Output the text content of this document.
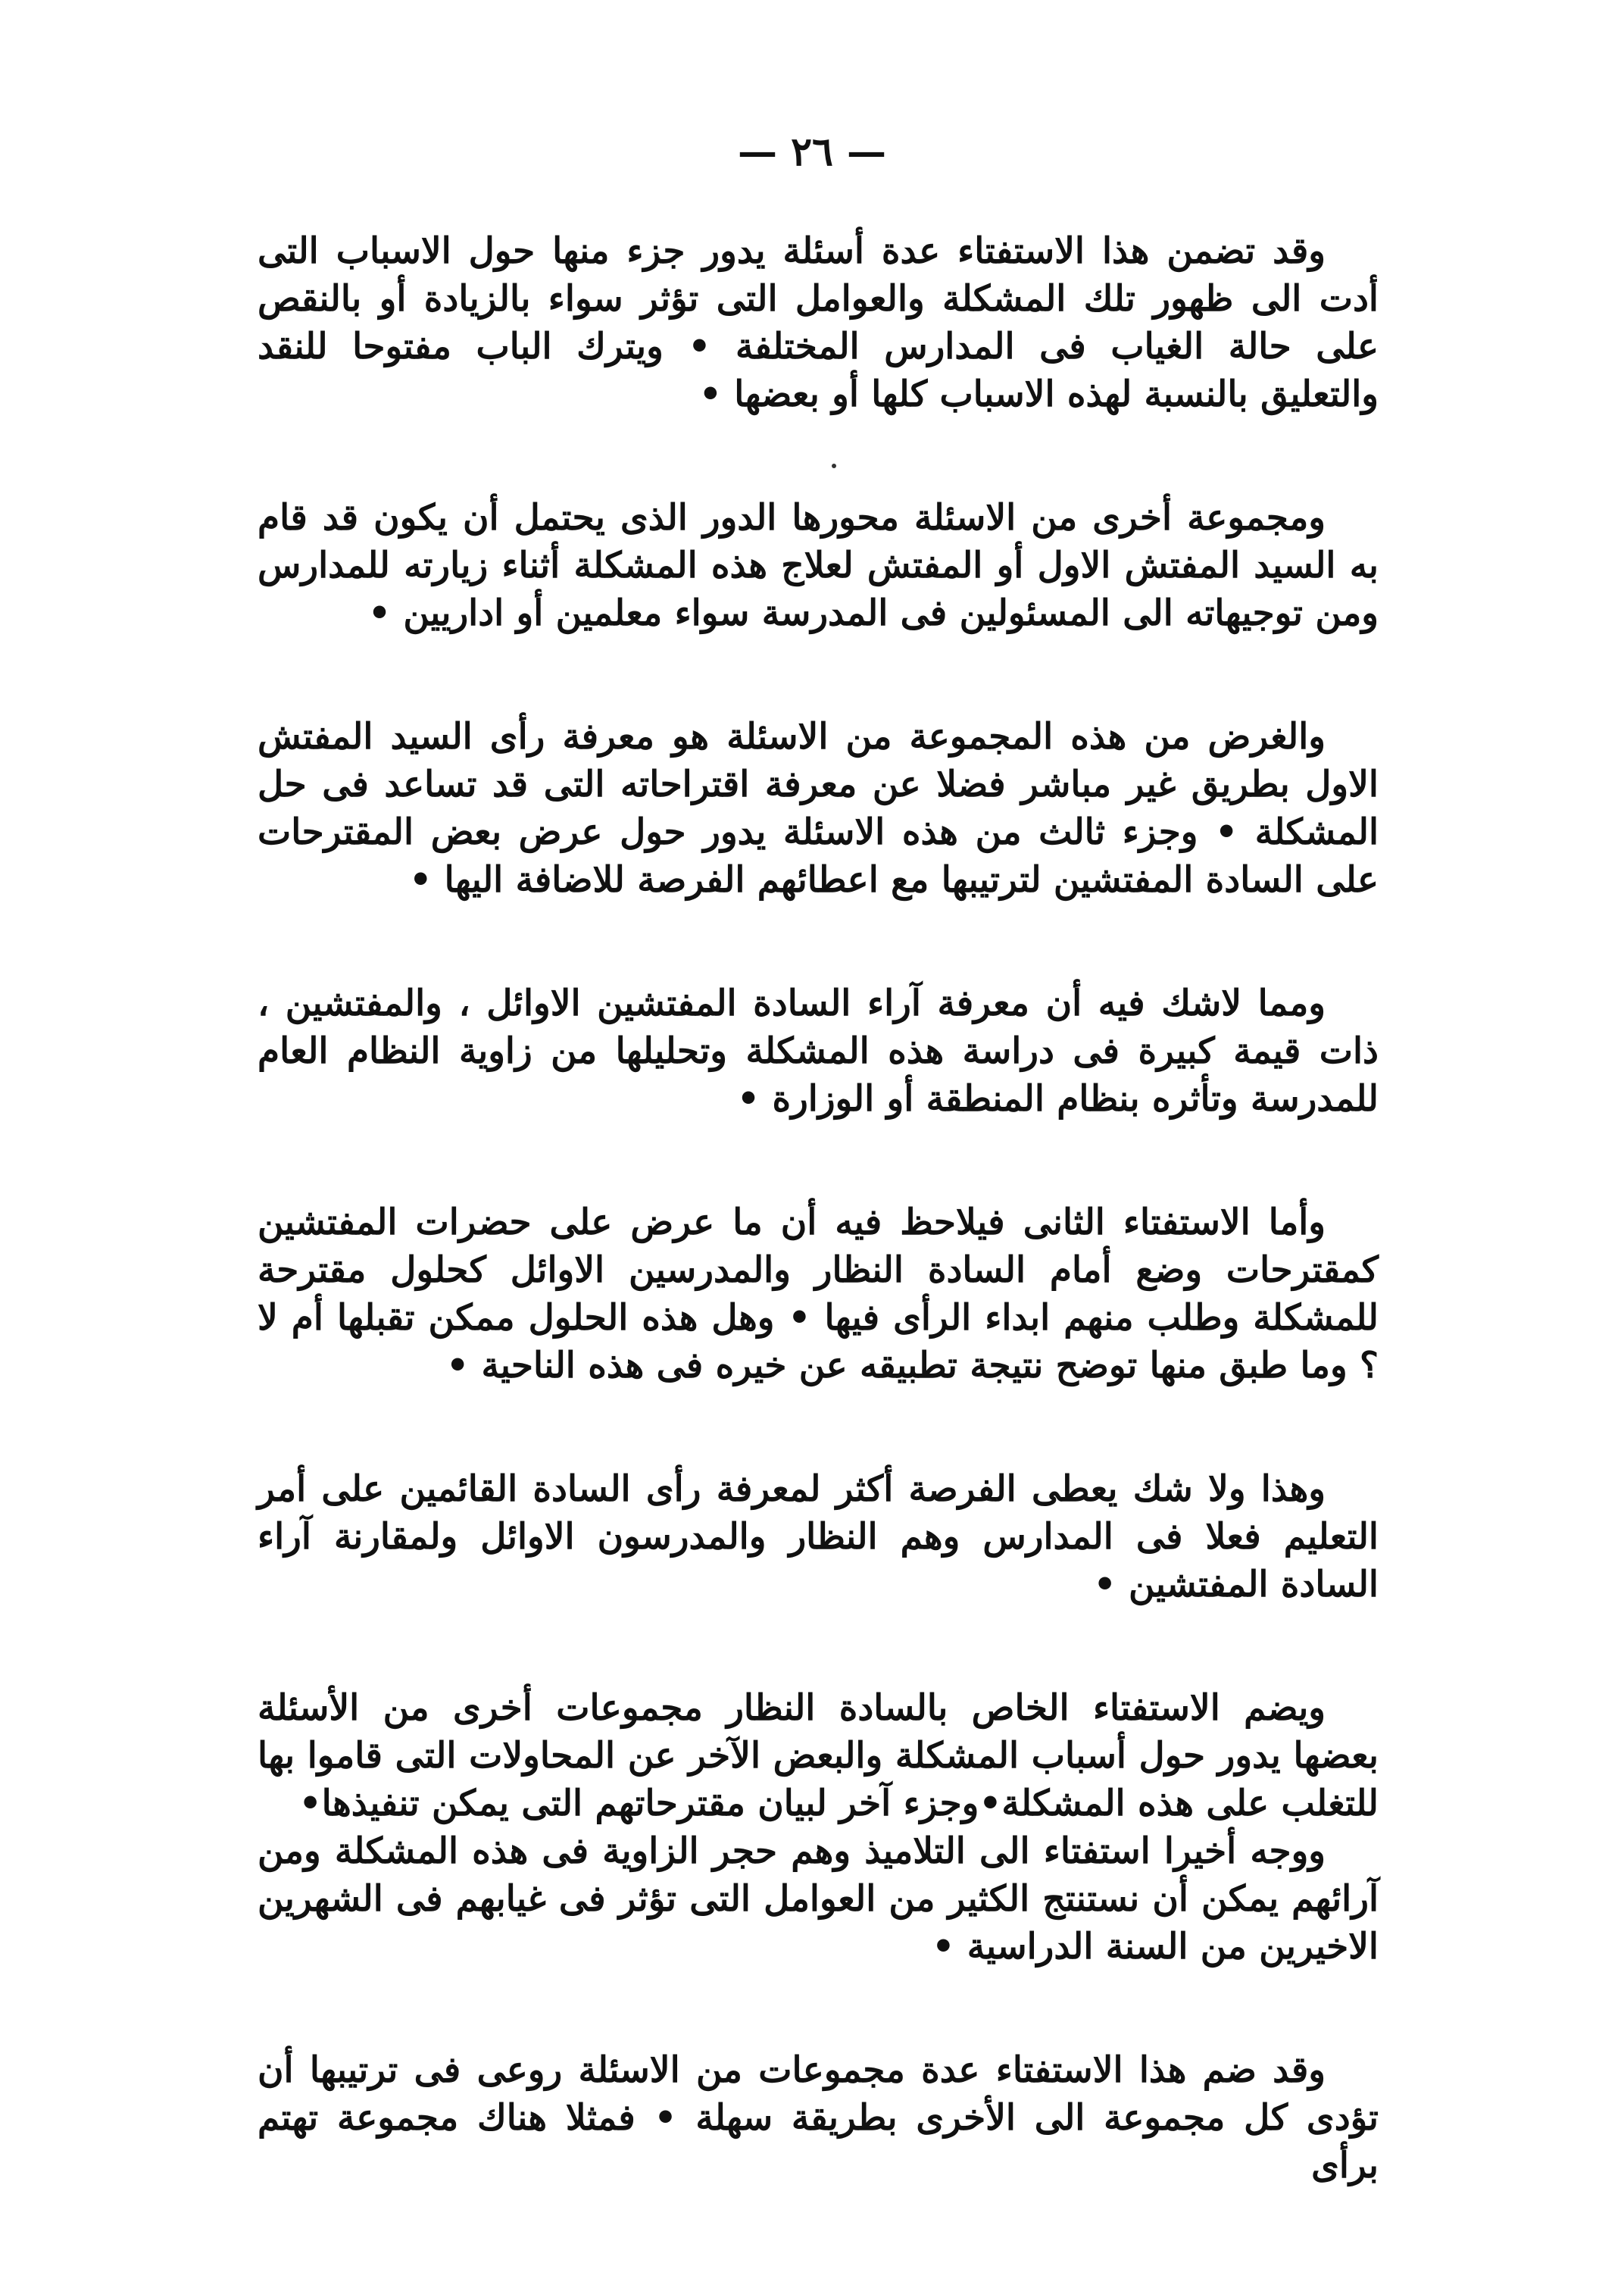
— ٢٦ —

وقد تضمن هذا الاستفتاء عدة أسئلة يدور جزء منها حول الاسباب التى أدت الى ظهور تلك المشكلة والعوامل التى تؤثر سواء بالزيادة أو بالنقص على حالة الغياب فى المدارس المختلفة • ويترك الباب مفتوحا للنقد والتعليق بالنسبة لهذه الاسباب كلها أو بعضها •

ومجموعة أخرى من الاسئلة محورها الدور الذى يحتمل أن يكون قد قام به السيد المفتش الاول أو المفتش لعلاج هذه المشكلة أثناء زيارته للمدارس ومن توجيهاته الى المسئولين فى المدرسة سواء معلمين أو اداريين •

والغرض من هذه المجموعة من الاسئلة هو معرفة رأى السيد المفتش الاول بطريق غير مباشر فضلا عن معرفة اقتراحاته التى قد تساعد فى حل المشكلة • وجزء ثالث من هذه الاسئلة يدور حول عرض بعض المقترحات على السادة المفتشين لترتيبها مع اعطائهم الفرصة للاضافة اليها •

ومما لاشك فيه أن معرفة آراء السادة المفتشين الاوائل ، والمفتشين ، ذات قيمة كبيرة فى دراسة هذه المشكلة وتحليلها من زاوية النظام العام للمدرسة وتأثره بنظام المنطقة أو الوزارة •

وأما الاستفتاء الثانى فيلاحظ فيه أن ما عرض على حضرات المفتشين كمقترحات وضع أمام السادة النظار والمدرسين الاوائل كحلول مقترحة للمشكلة وطلب منهم ابداء الرأى فيها • وهل هذه الحلول ممكن تقبلها أم لا ؟ وما طبق منها توضح نتيجة تطبيقه عن خيره فى هذه الناحية •

وهذا ولا شك يعطى الفرصة أكثر لمعرفة رأى السادة القائمين على أمر التعليم فعلا فى المدارس وهم النظار والمدرسون الاوائل ولمقارنة آراء السادة المفتشين •

ويضم الاستفتاء الخاص بالسادة النظار مجموعات أخرى من الأسئلة بعضها يدور حول أسباب المشكلة والبعض الآخر عن المحاولات التى قاموا بها للتغلب على هذه المشكلة•وجزء آخر لبيان مقترحاتهم التى يمكن تنفيذها•

ووجه أخيرا استفتاء الى التلاميذ وهم حجر الزاوية فى هذه المشكلة ومن آرائهم يمكن أن نستنتج الكثير من العوامل التى تؤثر فى غيابهم فى الشهرين الاخيرين من السنة الدراسية •

وقد ضم هذا الاستفتاء عدة مجموعات من الاسئلة روعى فى ترتيبها أن تؤدى كل مجموعة الى الأخرى بطريقة سهلة • فمثلا هناك مجموعة تهتم برأى
